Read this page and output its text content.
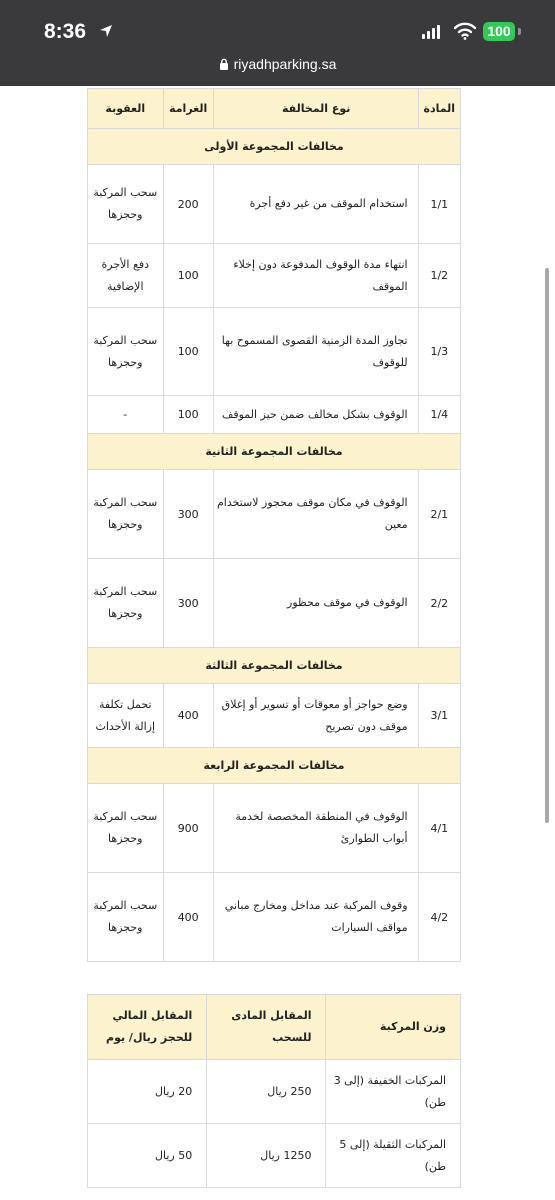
8:36	100
riyadhparking.sa
المادة	نوع المخالفة	الغرامة	العقوبة
مخالفات المجموعة الأولى			
1/1	استخدام الموقف من غير دفع أجرة	200	سحب المركبة وحجزها
1/2	انتهاء مدة الوقوف المدفوعة دون إخلاء الموقف	100	دفع الأجرة الإضافية
1/3	تجاوز المدة الزمنية القصوى المسموح بها للوقوف	100	سحب المركبة وحجزها
1/4	الوقوف بشكل مخالف ضمن حيز الموقف	100	-
مخالفات المجموعة الثانية			
2/1	الوقوف في مكان موقف محجوز لاستخدام معين	300	سحب المركبة وحجزها
2/2	الوقوف في موقف محظور	300	سحب المركبة وحجزها
مخالفات المجموعة الثالثة			
3/1	وضع حواجز أو معوقات أو تسوير أو إغلاق موقف دون تصريح	400	تحمل تكلفة إزالة الأحداث
مخالفات المجموعة الرابعة			
4/1	الوقوف في المنطقة المخصصة لخدمة أبواب الطوارئ	900	سحب المركبة وحجزها
4/2	وقوف المركبة عند مداخل ومخارج مباني مواقف السيارات	400	سحب المركبة وحجزها
وزن المركبة	المقابل المادى للسحب	المقابل المالي للحجز ريال/ يوم
المركبات الخفيفة (إلى 3 طن)	250 ريال	20 ريال
المركبات الثقيلة (إلى 5 طن)	1250 ريال	50 ريال
